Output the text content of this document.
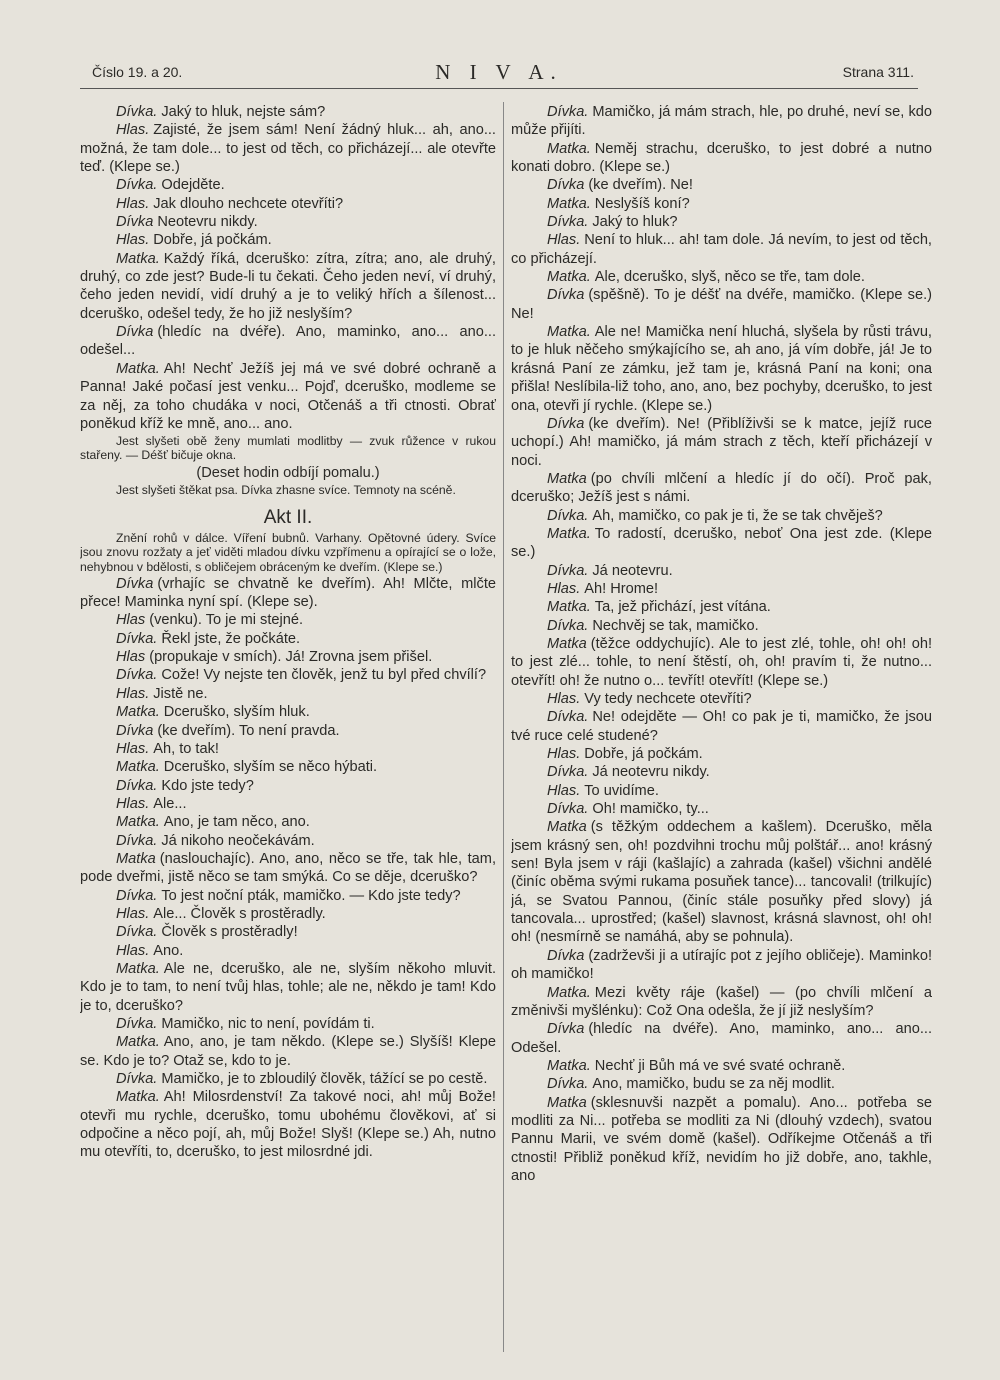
Číslo 19. a 20.	N I V A.	Strana 311.

Dívka. Jaký to hluk, nejste sám?

Hlas. Zajisté, že jsem sám! Není žádný hluk... ah, ano... možná, že tam dole... to jest od těch, co přicházejí... ale otevřte teď. (Klepe se.)

Dívka. Odejděte.

Hlas. Jak dlouho nechcete otevříti?

Dívka Neotevru nikdy.

Hlas. Dobře, já počkám.

Matka. Každý říká, dceruško: zítra, zítra; ano, ale druhý, druhý, co zde jest? Bude-li tu čekati. Čeho jeden neví, ví druhý, čeho jeden nevidí, vidí druhý a je to veliký hřích a šílenost... dceruško, odešel tedy, že ho již neslyším?

Dívka (hledíc na dvéře). Ano, maminko, ano... ano... odešel...

Matka. Ah! Nechť Ježíš jej má ve své dobré ochraně a Panna! Jaké počasí jest venku... Pojď, dceruško, modleme se za něj, za toho chudáka v noci, Otčenáš a tři ctnosti. Obrať poněkud kříž ke mně, ano... ano.

Jest slyšeti obě ženy mumlati modlitby — zvuk růžence v rukou stařeny. — Déšť bičuje okna.

(Deset hodin odbíjí pomalu.)

Jest slyšeti štěkat psa. Dívka zhasne svíce. Temnoty na scéně.

Akt II.

Znění rohů v dálce. Víření bubnů. Varhany. Opětovné údery. Svíce jsou znovu rozžaty a jeť viděti mladou dívku vzpřímenu a opírající se o lože, nehybnou v bdělosti, s obličejem obráceným ke dveřím. (Klepe se.)

Dívka (vrhajíc se chvatně ke dveřím). Ah! Mlčte, mlčte přece! Maminka nyní spí. (Klepe se).

Hlas (venku). To je mi stejné.

Dívka. Řekl jste, že počkáte.

Hlas (propukaje v smích). Já! Zrovna jsem přišel.

Dívka. Cože! Vy nejste ten člověk, jenž tu byl před chvílí?

Hlas. Jistě ne.

Matka. Dceruško, slyším hluk.

Dívka (ke dveřím). To není pravda.

Hlas. Ah, to tak!

Matka. Dceruško, slyším se něco hýbati.

Dívka. Kdo jste tedy?

Hlas. Ale...

Matka. Ano, je tam něco, ano.

Dívka. Já nikoho neočekávám.

Matka (naslouchajíc). Ano, ano, něco se tře, tak hle, tam, pode dveřmi, jistě něco se tam smýká. Co se děje, dceruško?

Dívka. To jest noční pták, mamičko. — Kdo jste tedy?

Hlas. Ale... Člověk s prostěradly.

Dívka. Člověk s prostěradly!

Hlas. Ano.

Matka. Ale ne, dceruško, ale ne, slyším někoho mluvit. Kdo je to tam, to není tvůj hlas, tohle; ale ne, někdo je tam! Kdo je to, dceruško?

Dívka. Mamičko, nic to není, povídám ti.

Matka. Ano, ano, je tam někdo. (Klepe se.) Slyšíš! Klepe se. Kdo je to? Otaž se, kdo to je.

Dívka. Mamičko, je to zbloudilý člověk, tážící se po cestě.

Matka. Ah! Milosrdenství! Za takové noci, ah! můj Bože! otevři mu rychle, dceruško, tomu ubohému člověkovi, ať si odpočine a něco pojí, ah, můj Bože! Slyš! (Klepe se.) Ah, nutno mu otevříti, to, dceruško, to jest milosrdné jdi.

Dívka. Mamičko, já mám strach, hle, po druhé, neví se, kdo může přijíti.

Matka. Neměj strachu, dceruško, to jest dobré a nutno konati dobro. (Klepe se.)

Dívka (ke dveřím). Ne!

Matka. Neslyšíš koní?

Dívka. Jaký to hluk?

Hlas. Není to hluk... ah! tam dole. Já nevím, to jest od těch, co přicházejí.

Matka. Ale, dceruško, slyš, něco se tře, tam dole.

Dívka (spěšně). To je déšť na dvéře, mamičko. (Klepe se.) Ne!

Matka. Ale ne! Mamička není hluchá, slyšela by růsti trávu, to je hluk něčeho smýkajícího se, ah ano, já vím dobře, já! Je to krásná Paní ze zámku, jež tam je, krásná Paní na koni; ona přišla! Neslíbila-liž toho, ano, ano, bez pochyby, dceruško, to jest ona, otevři jí rychle. (Klepe se.)

Dívka (ke dveřím). Ne! (Přiblíživši se k matce, jejíž ruce uchopí.) Ah! mamičko, já mám strach z těch, kteří přicházejí v noci.

Matka (po chvíli mlčení a hledíc jí do očí). Proč pak, dceruško; Ježíš jest s námi.

Dívka. Ah, mamičko, co pak je ti, že se tak chvěješ?

Matka. To radostí, dceruško, neboť Ona jest zde. (Klepe se.)

Dívka. Já neotevru.

Hlas. Ah! Hrome!

Matka. Ta, jež přichází, jest vítána.

Dívka. Nechvěj se tak, mamičko.

Matka (těžce oddychujíc). Ale to jest zlé, tohle, oh! oh! oh! to jest zlé... tohle, to není štěstí, oh, oh! pravím ti, že nutno... otevřít! oh! že nutno o... tevřít! otevřít! (Klepe se.)

Hlas. Vy tedy nechcete otevříti?

Dívka. Ne! odejděte — Oh! co pak je ti, mamičko, že jsou tvé ruce celé studené?

Hlas. Dobře, já počkám.

Dívka. Já neotevru nikdy.

Hlas. To uvidíme.

Dívka. Oh! mamičko, ty...

Matka (s těžkým oddechem a kašlem). Dceruško, měla jsem krásný sen, oh! pozdvihni trochu můj polštář... ano! krásný sen! Byla jsem v ráji (kašlajíc) a zahrada (kašel) všichni andělé (činíc oběma svými rukama posuňek tance)... tancovali! (trilkujíc) já, se Svatou Pannou, (činíc stále posuňky před slovy) já tancovala... uprostřed; (kašel) slavnost, krásná slavnost, oh! oh! oh! (nesmírně se namáhá, aby se pohnula).

Dívka (zadrževši ji a utírajíc pot z jejího obličeje). Maminko! oh mamičko!

Matka. Mezi květy ráje (kašel) — (po chvíli mlčení a změnivši myšlénku): Což Ona odešla, že jí již neslyším?

Dívka (hledíc na dvéře). Ano, maminko, ano... ano... Odešel.

Matka. Nechť ji Bůh má ve své svaté ochraně.

Dívka. Ano, mamičko, budu se za něj modlit.

Matka (sklesnuvši nazpět a pomalu). Ano... potřeba se modliti za Ni... potřeba se modliti za Ni (dlouhý vzdech), svatou Pannu Marii, ve svém domě (kašel). Odříkejme Otčenáš a tři ctnosti! Přibliž poněkud kříž, nevidím ho již dobře, ano, takhle, ano
